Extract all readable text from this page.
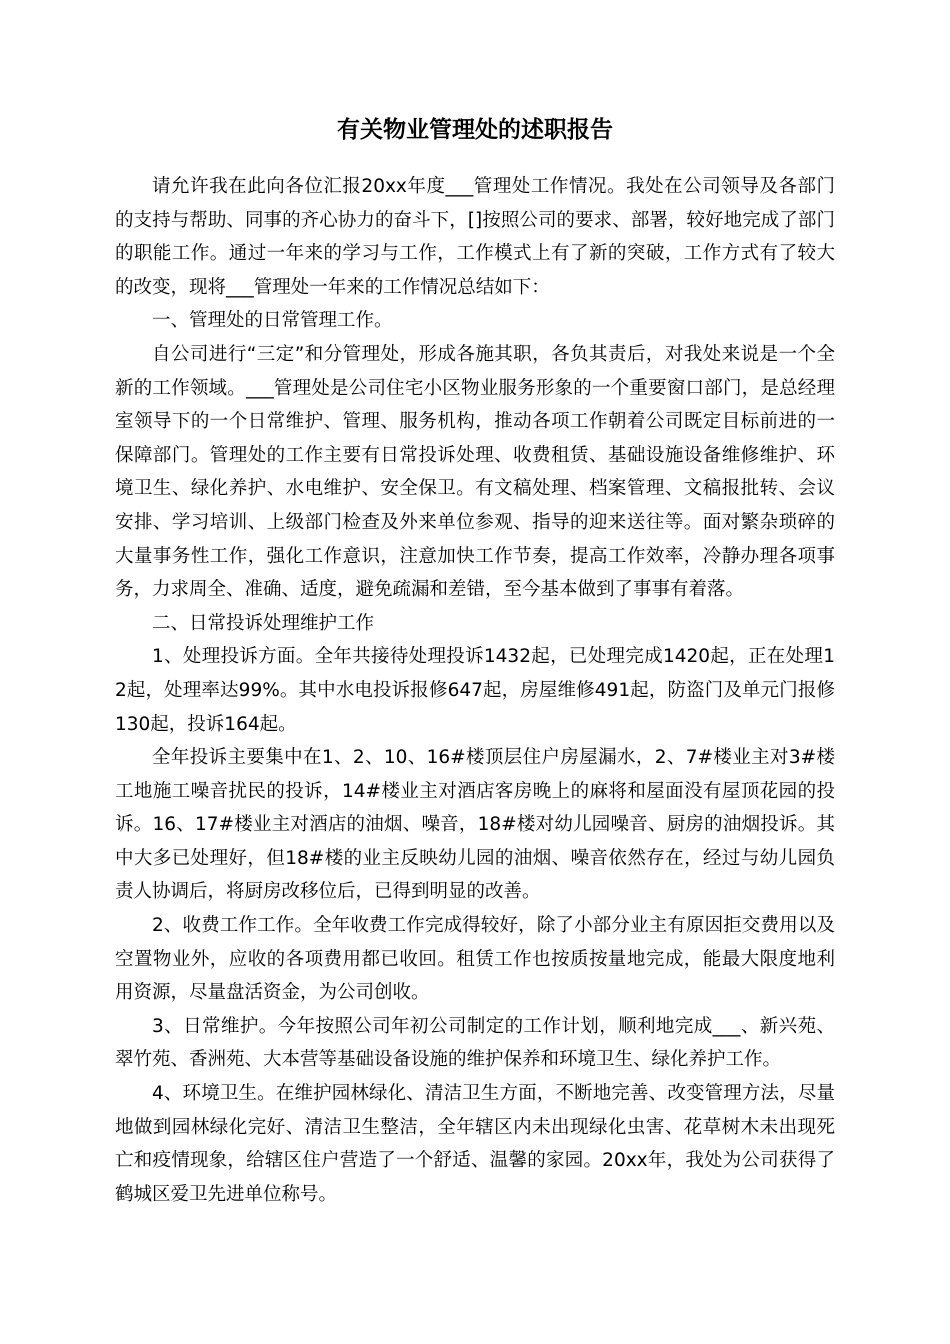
有关物业管理处的述职报告

请允许我在此向各位汇报20xx年度___管理处工作情况。我处在公司领导及各部门的支持与帮助、同事的齐心协力的奋斗下，[]按照公司的要求、部署，较好地完成了部门的职能工作。通过一年来的学习与工作，工作模式上有了新的突破，工作方式有了较大的改变，现将___管理处一年来的工作情况总结如下：

一、管理处的日常管理工作。

自公司进行“三定”和分管理处，形成各施其职，各负其责后，对我处来说是一个全新的工作领域。___管理处是公司住宅小区物业服务形象的一个重要窗口部门，是总经理室领导下的一个日常维护、管理、服务机构，推动各项工作朝着公司既定目标前进的一保障部门。管理处的工作主要有日常投诉处理、收费租赁、基础设施设备维修维护、环境卫生、绿化养护、水电维护、安全保卫。有文稿处理、档案管理、文稿报批转、会议安排、学习培训、上级部门检查及外来单位参观、指导的迎来送往等。面对繁杂琐碎的大量事务性工作，强化工作意识，注意加快工作节奏，提高工作效率，冷静办理各项事务，力求周全、准确、适度，避免疏漏和差错，至今基本做到了事事有着落。

二、日常投诉处理维护工作

1、处理投诉方面。全年共接待处理投诉1432起，已处理完成1420起，正在处理12起，处理率达99%。其中水电投诉报修647起，房屋维修491起，防盗门及单元门报修130起，投诉164起。

全年投诉主要集中在1、2、10、16#楼顶层住户房屋漏水，2、7#楼业主对3#楼工地施工噪音扰民的投诉，14#楼业主对酒店客房晚上的麻将和屋面没有屋顶花园的投诉。16、17#楼业主对酒店的油烟、噪音，18#楼对幼儿园噪音、厨房的油烟投诉。其中大多已处理好，但18#楼的业主反映幼儿园的油烟、噪音依然存在，经过与幼儿园负责人协调后，将厨房改移位后，已得到明显的改善。

2、收费工作工作。全年收费工作完成得较好，除了小部分业主有原因拒交费用以及空置物业外，应收的各项费用都已收回。租赁工作也按质按量地完成，能最大限度地利用资源，尽量盘活资金，为公司创收。

3、日常维护。今年按照公司年初公司制定的工作计划，顺利地完成___、新兴苑、翠竹苑、香洲苑、大本营等基础设备设施的维护保养和环境卫生、绿化养护工作。

4、环境卫生。在维护园林绿化、清洁卫生方面，不断地完善、改变管理方法，尽量地做到园林绿化完好、清洁卫生整洁，全年辖区内未出现绿化虫害、花草树木未出现死亡和疫情现象，给辖区住户营造了一个舒适、温馨的家园。20xx年，我处为公司获得了鹤城区爱卫先进单位称号。
